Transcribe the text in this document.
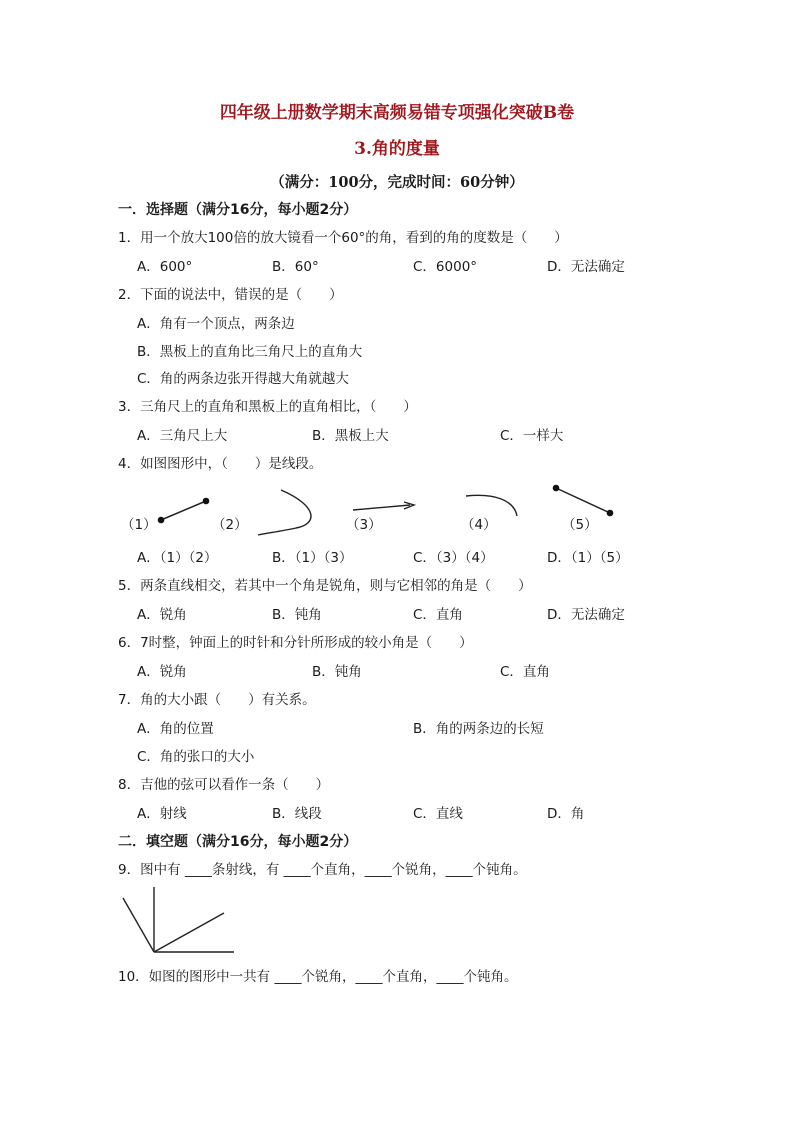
四年级上册数学期末高频易错专项强化突破B卷
3.角的度量
（满分：100分，完成时间：60分钟）
一．选择题（满分16分，每小题2分）
1．用一个放大100倍的放大镜看一个60°的角，看到的角的度数是（　　）
A．600°	B．60°	C．6000°	D．无法确定
2．下面的说法中，错误的是（　　）
A．角有一个顶点，两条边
B．黑板上的直角比三角尺上的直角大
C．角的两条边张开得越大角就越大
3．三角尺上的直角和黑板上的直角相比，（　　）
A．三角尺上大	B．黑板上大	C．一样大
4．如图图形中，（　　）是线段。
（1）	（2）	（3）	（4）	（5）
A．（1）（2）	B．（1）（3）	C．（3）（4）	D．（1）（5）
5．两条直线相交，若其中一个角是锐角，则与它相邻的角是（　　）
A．锐角	B．钝角	C．直角	D．无法确定
6．7时整，钟面上的时针和分针所形成的较小角是（　　）
A．锐角	B．钝角	C．直角
7．角的大小跟（　　）有关系。
A．角的位置	B．角的两条边的长短
C．角的张口的大小
8．吉他的弦可以看作一条（　　）
A．射线	B．线段	C．直线	D．角
二．填空题（满分16分，每小题2分）
9．图中有 ____条射线，有 ____个直角，____个锐角，____个钝角。
10．如图的图形中一共有 ____个锐角，____个直角，____个钝角。
